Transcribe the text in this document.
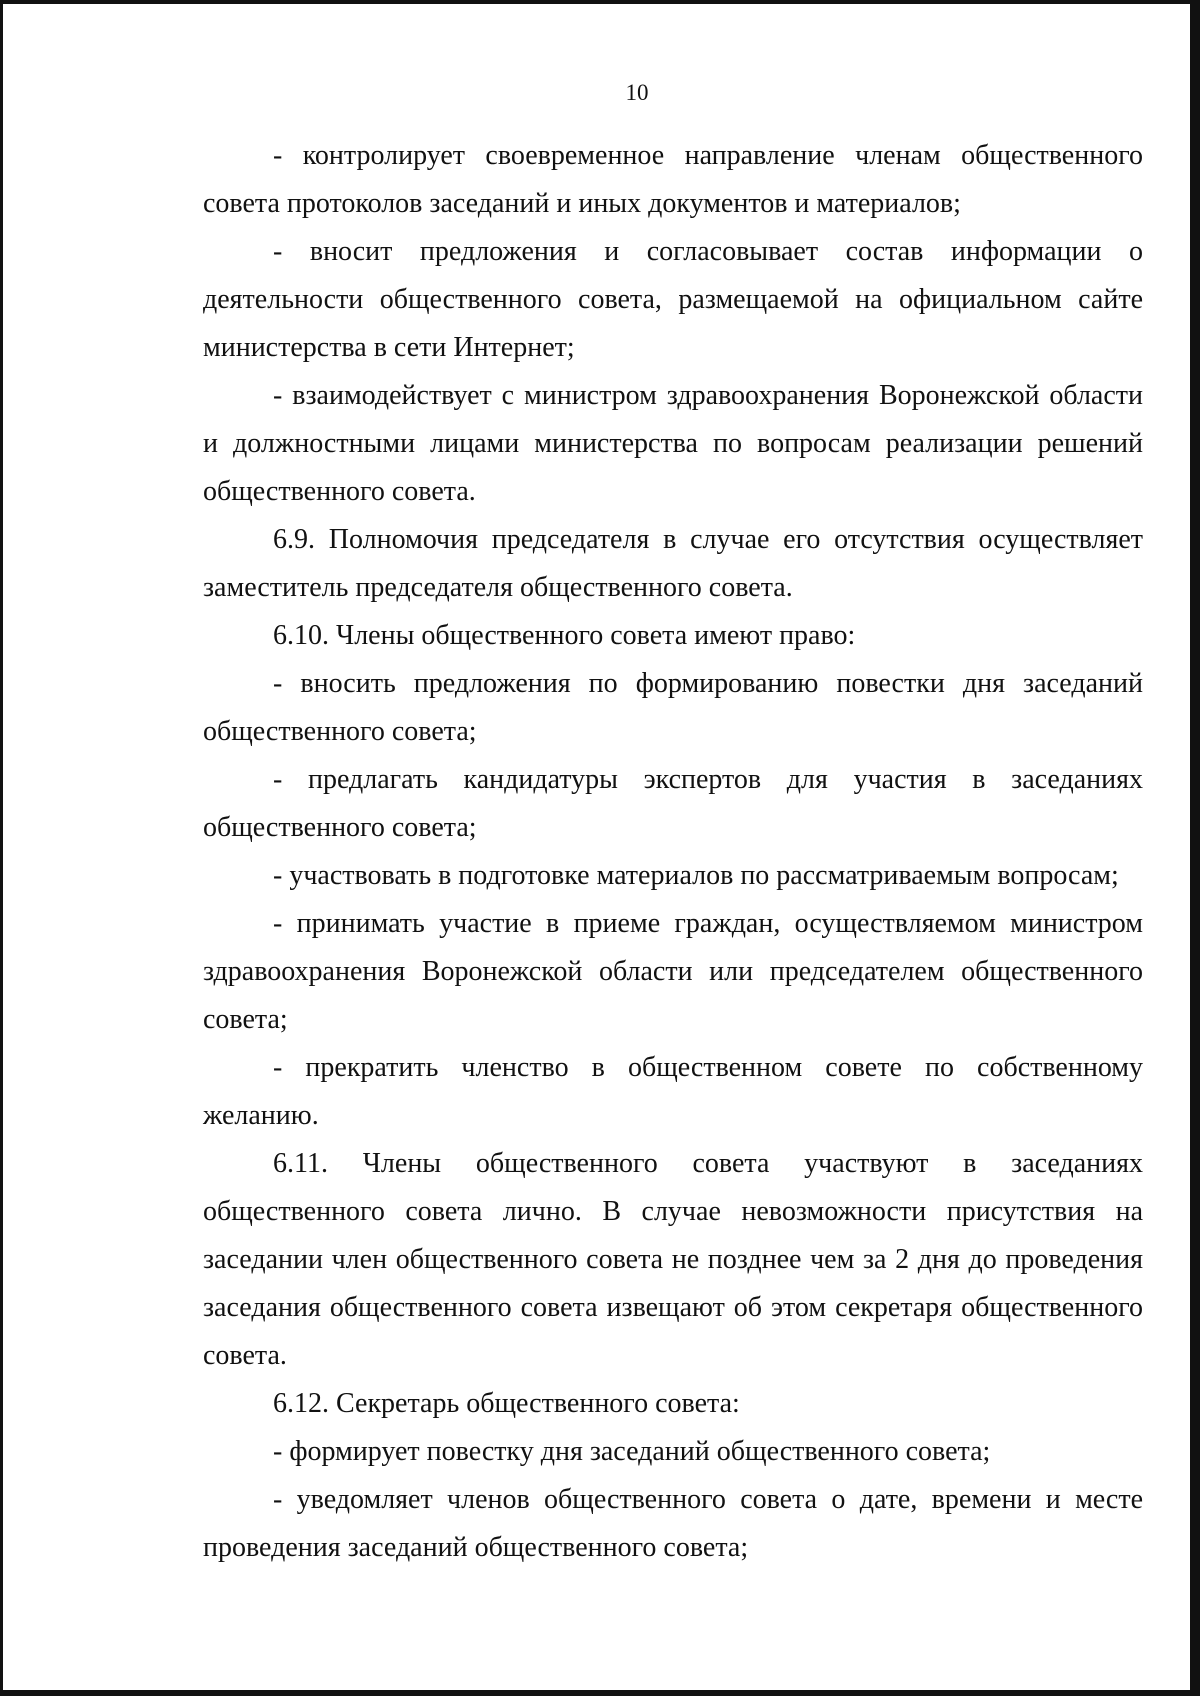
10

- контролирует своевременное направление членам общественного совета протоколов заседаний и иных документов и материалов;

- вносит предложения и согласовывает состав информации о деятельности общественного совета, размещаемой на официальном сайте министерства в сети Интернет;

- взаимодействует с министром здравоохранения Воронежской области и должностными лицами министерства по вопросам реализации решений общественного совета.

6.9. Полномочия председателя в случае его отсутствия осуществляет заместитель председателя общественного совета.

6.10. Члены общественного совета имеют право:

- вносить предложения по формированию повестки дня заседаний общественного совета;

- предлагать кандидатуры экспертов для участия в заседаниях общественного совета;

- участвовать в подготовке материалов по рассматриваемым вопросам;

- принимать участие в приеме граждан, осуществляемом министром здравоохранения Воронежской области или председателем общественного совета;

- прекратить членство в общественном совете по собственному желанию.

6.11. Члены общественного совета участвуют в заседаниях общественного совета лично. В случае невозможности присутствия на заседании член общественного совета не позднее чем за 2 дня до проведения заседания общественного совета извещают об этом секретаря общественного совета.

6.12. Секретарь общественного совета:

- формирует повестку дня заседаний общественного совета;

- уведомляет членов общественного совета о дате, времени и месте проведения заседаний общественного совета;
